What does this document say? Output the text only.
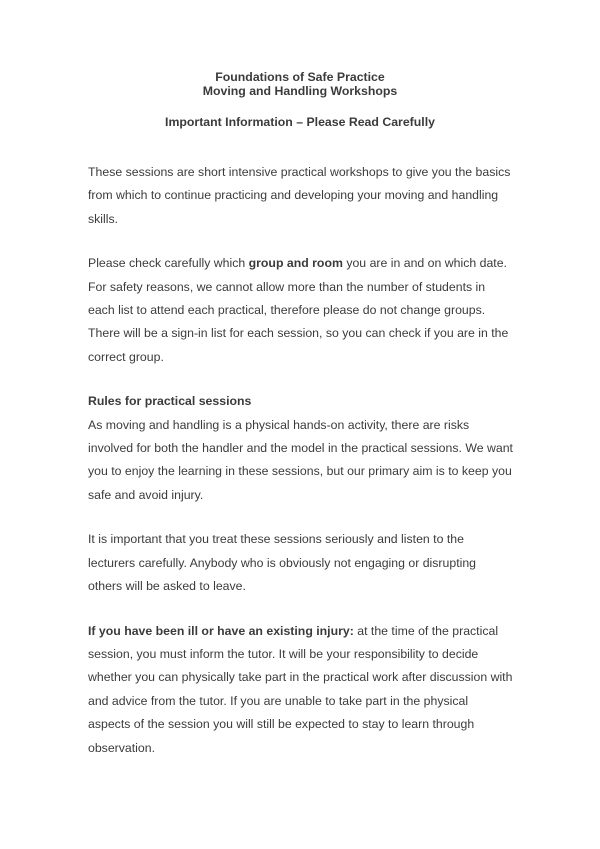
Foundations of Safe Practice
Moving and Handling Workshops
Important Information – Please Read Carefully
These sessions are short intensive practical workshops to give you the basics
from which to continue practicing and developing your moving and handling
skills.
Please check carefully which group and room you are in and on which date.
For safety reasons, we cannot allow more than the number of students in
each list to attend each practical, therefore please do not change groups.
There will be a sign-in list for each session, so you can check if you are in the
correct group.
Rules for practical sessions
As moving and handling is a physical hands-on activity, there are risks
involved for both the handler and the model in the practical sessions. We want
you to enjoy the learning in these sessions, but our primary aim is to keep you
safe and avoid injury.
It is important that you treat these sessions seriously and listen to the
lecturers carefully. Anybody who is obviously not engaging or disrupting
others will be asked to leave.
If you have been ill or have an existing injury: at the time of the practical
session, you must inform the tutor. It will be your responsibility to decide
whether you can physically take part in the practical work after discussion with
and advice from the tutor. If you are unable to take part in the physical
aspects of the session you will still be expected to stay to learn through
observation.
